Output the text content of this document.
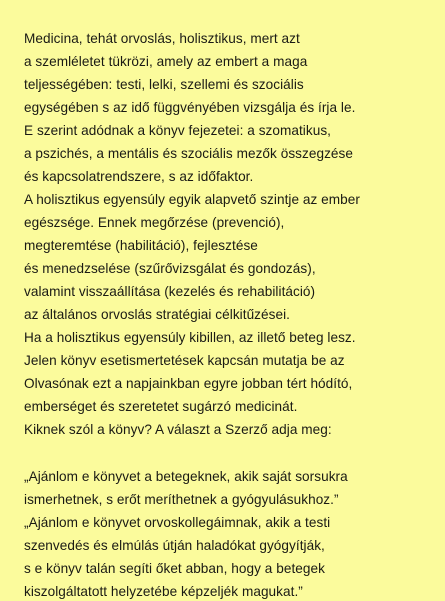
Medicina, tehát orvoslás, holisztikus, mert azt
a szemléletet tükrözi, amely az embert a maga
teljességében: testi, lelki, szellemi és szociális
egységében s az idő függvényében vizsgálja és írja le.
E szerint adódnak a könyv fejezetei: a szomatikus,
a pszichés, a mentális és szociális mezők összegzése
és kapcsolatrendszere, s az időfaktor.
A holisztikus egyensúly egyik alapvető szintje az ember
egészsége. Ennek megőrzése (prevenció),
megteremtése (habilitáció), fejlesztése
és menedzselése (szűrővizsgálat és gondozás),
valamint visszaállítása (kezelés és rehabilitáció)
az általános orvoslás stratégiai célkitűzései.
Ha a holisztikus egyensúly kibillen, az illető beteg lesz.
Jelen könyv esetismertetések kapcsán mutatja be az
Olvasónak ezt a napjainkban egyre jobban tért hódító,
emberséget és szeretetet sugárzó medicinát.
Kiknek szól a könyv? A választ a Szerző adja meg:
„Ajánlom e könyvet a betegeknek, akik saját sorsukra
ismerhetnek, s erőt meríthetnek a gyógyulásukhoz.”
„Ajánlom e könyvet orvoskollegáimnak, akik a testi
szenvedés és elmúlás útján haladókat gyógyítják,
s e könyv talán segíti őket abban, hogy a betegek
kiszolgáltatott helyzetébe képzeljék magukat.”
